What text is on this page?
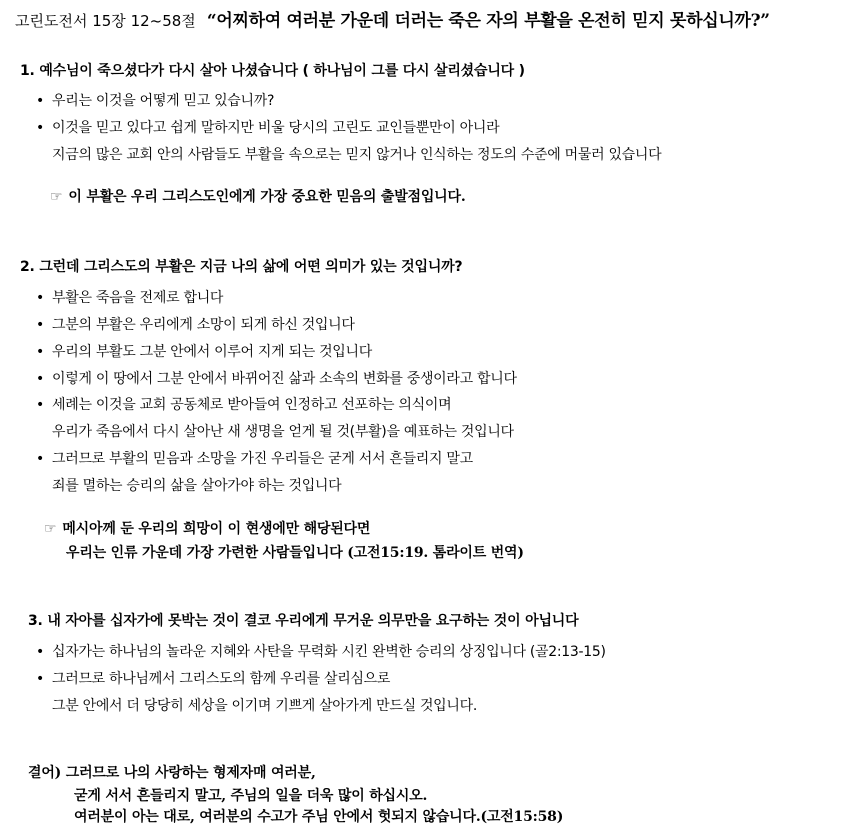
고린도전서 15장 12~58절 “어찌하여 여러분 가운데 더러는 죽은 자의 부활을 온전히 믿지 못하십니까?”
1. 예수님이 죽으셨다가 다시 살아 나셨습니다 ( 하나님이 그를 다시 살리셨습니다 )
• 우리는 이것을 어떻게 믿고 있습니까?
• 이것을 믿고 있다고 쉽게 말하지만 비울 당시의 고린도 교인들뿐만이 아니라
지금의 많은 교회 안의 사람들도 부활을 속으로는 믿지 않거나 인식하는 정도의 수준에 머물러 있습니다
☞ 이 부활은 우리 그리스도인에게 가장 중요한 믿음의 출발점입니다.
2. 그런데 그리스도의 부활은 지금 나의 삶에 어떤 의미가 있는 것입니까?
• 부활은 죽음을 전제로 합니다
• 그분의 부활은 우리에게 소망이 되게 하신 것입니다
• 우리의 부활도 그분 안에서 이루어 지게 되는 것입니다
• 이렇게 이 땅에서 그분 안에서 바뀌어진 삶과 소속의 변화를 중생이라고 합니다
• 세례는 이것을 교회 공동체로 받아들여 인정하고 선포하는 의식이며
우리가 죽음에서 다시 살아난 새 생명을 얻게 될 것(부활)을 예표하는 것입니다
• 그러므로 부활의 믿음과 소망을 가진 우리들은 굳게 서서 흔들리지 말고
죄를 멸하는 승리의 삶을 살아가야 하는 것입니다
☞ 메시아께 둔 우리의 희망이 이 현생에만 해당된다면
우리는 인류 가운데 가장 가련한 사람들입니다 (고전15:19. 톰라이트 번역)
3. 내 자아를 십자가에 못박는 것이 결코 우리에게 무거운 의무만을 요구하는 것이 아닙니다
• 십자가는 하나님의 놀라운 지혜와 사탄을 무력화 시킨 완벽한 승리의 상징입니다 (골2:13-15)
• 그러므로 하나님께서 그리스도의 함께 우리를 살리심으로
그분 안에서 더 당당히 세상을 이기며 기쁘게 살아가게 만드실 것입니다.
결어) 그러므로 나의 사랑하는 형제자매 여러분,
굳게 서서 흔들리지 말고, 주님의 일을 더욱 많이 하십시오.
여러분이 아는 대로, 여러분의 수고가 주님 안에서 헛되지 않습니다.(고전15:58)
